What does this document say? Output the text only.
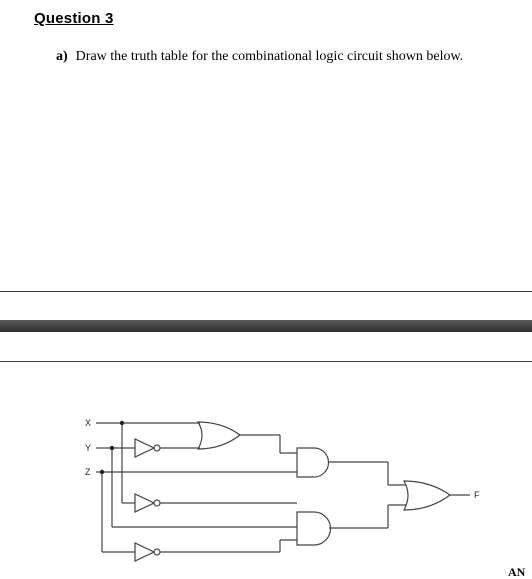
Question 3
a) Draw the truth table for the combinational logic circuit shown below.
X
Y
Z
F
AN
